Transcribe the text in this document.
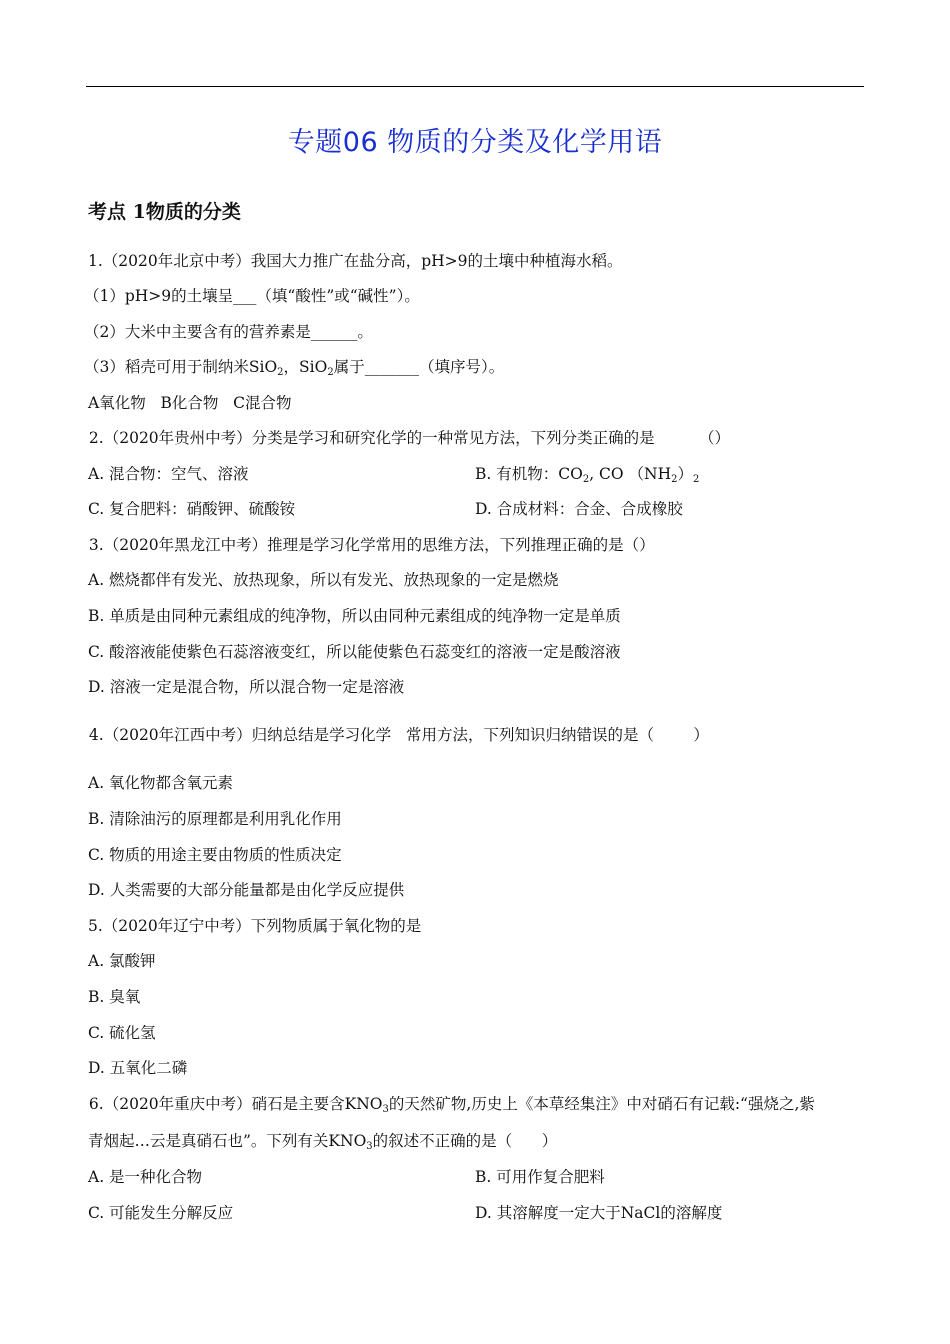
专题06 物质的分类及化学用语
考点 1物质的分类
1.（2020年北京中考）我国大力推广在盐分高，pH>9的土壤中种植海水稻。
（1）pH>9的土壤呈___（填“酸性”或“碱性”）。
（2）大米中主要含有的营养素是______。
（3）稻壳可用于制纳米SiO$_2$，SiO$_2$属于_______（填序号）。
A氧化物   B化合物   C混合物
2.（2020年贵州中考）分类是学习和研究化学的一种常见方法，下列分类正确的是         （）
A. 混合物：空气、溶液	B. 有机物：$CO_2$, CO $(NH_2)_2$
C. 复合肥料：硝酸钾、硫酸铵	D. 合成材料：合金、合成橡胶
3.（2020年黑龙江中考）推理是学习化学常用的思维方法，下列推理正确的是（）
A. 燃烧都伴有发光、放热现象，所以有发光、放热现象的一定是燃烧
B. 单质是由同种元素组成的纯净物，所以由同种元素组成的纯净物一定是单质
C. 酸溶液能使紫色石蕊溶液变红，所以能使紫色石蕊变红的溶液一定是酸溶液
D. 溶液一定是混合物，所以混合物一定是溶液
4.（2020年江西中考）归纳总结是学习化学   常用方法，下列知识归纳错误的是（        ）
A. 氧化物都含氧元素
B. 清除油污的原理都是利用乳化作用
C. 物质的用途主要由物质的性质决定
D. 人类需要的大部分能量都是由化学反应提供
5.（2020年辽宁中考）下列物质属于氧化物的是
A. 氯酸钾
B. 臭氧
C. 硫化氢
D. 五氧化二磷
6.（2020年重庆中考）硝石是主要含$KNO_3$的天然矿物,历史上《本草经集注》中对硝石有记载:“强烧之,紫
青烟起…云是真硝石也”。下列有关$KNO_3$的叙述不正确的是（      ）
A. 是一种化合物	B. 可用作复合肥料
C. 可能发生分解反应	D. 其溶解度一定大于NaCl的溶解度
